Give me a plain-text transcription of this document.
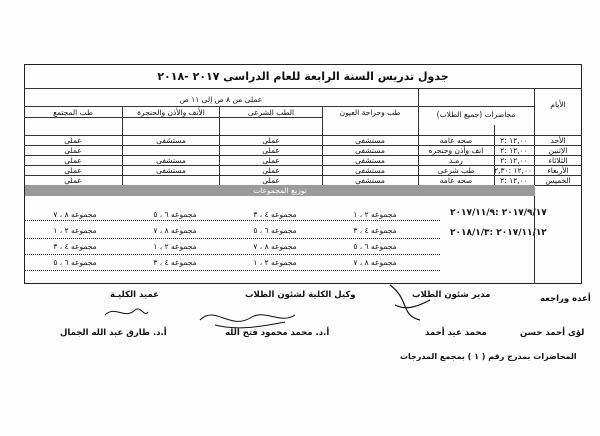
جدول تدريس السنة الرابعة للعام الدراسى ٢٠١٧ -٢٠١٨
الأيام
محاضرات (جميع الطلاب)
طب وجراحة العيون
الطب الشرعى
الأنف والأذن والحنجرة
طب المجتمع
عملى من ٨ ص إلى ١١ ص
الأحد
١٢,٠٠ :٢
صحه عامه
مستشفى
عملى
مستشفى
عملى
الإثنين
١٢,٠٠ :٢
انف وأذن وحنجره
مستشفى
عملى
عملى
الثلاثاء
١٢,٠٠ :٢
رمـد
مستشفى
عملى
مستشفى
عملى
الأربعاء
١٢,٠٠ :٢,٣٠
طب شرعى
مستشفى
عملى
مستشفى
عملى
الخميس
١٢,٠٠ :٢
صحه عامه
مستشفى
عملى
عملى
توزيع المجموعات
٢٠١٧/٩/١٧ :٢٠١٧/١١/٩
٢٠١٧/١١/١٢ :٢٠١٨/١/٣
مجموعه ٢ ، ١
مجموعه ٤ ، ٣
مجموعه ٦ ، ٥
مجموعه ٨ ، ٧
مجموعه ٤ ، ٣
مجموعه ٦ ، ٥
مجموعه ٨ ، ٧
مجموعه ٢ ، ١
مجموعه ٦ ، ٥
مجموعه ٨ ، ٧
مجموعه ٢ ، ١
مجموعه ٤ ، ٣
مجموعه ٨ ، ٧
مجموعه ٢ ، ١
مجموعه ٤ ، ٣
مجموعه ٦ ، ٥
أعده وراجعه
مدير شئون الطلاب
وكيل الكلية لشئون الطلاب
عميد الكليـة
لؤى أحمد حسن
محمد عيد أحمد
أ.د. محمد محمود فتح الله
أ.د. طارق عبد الله الجمال
المحاضرات بمدرج رقم ( ١ ) بمجمع المدرجات
